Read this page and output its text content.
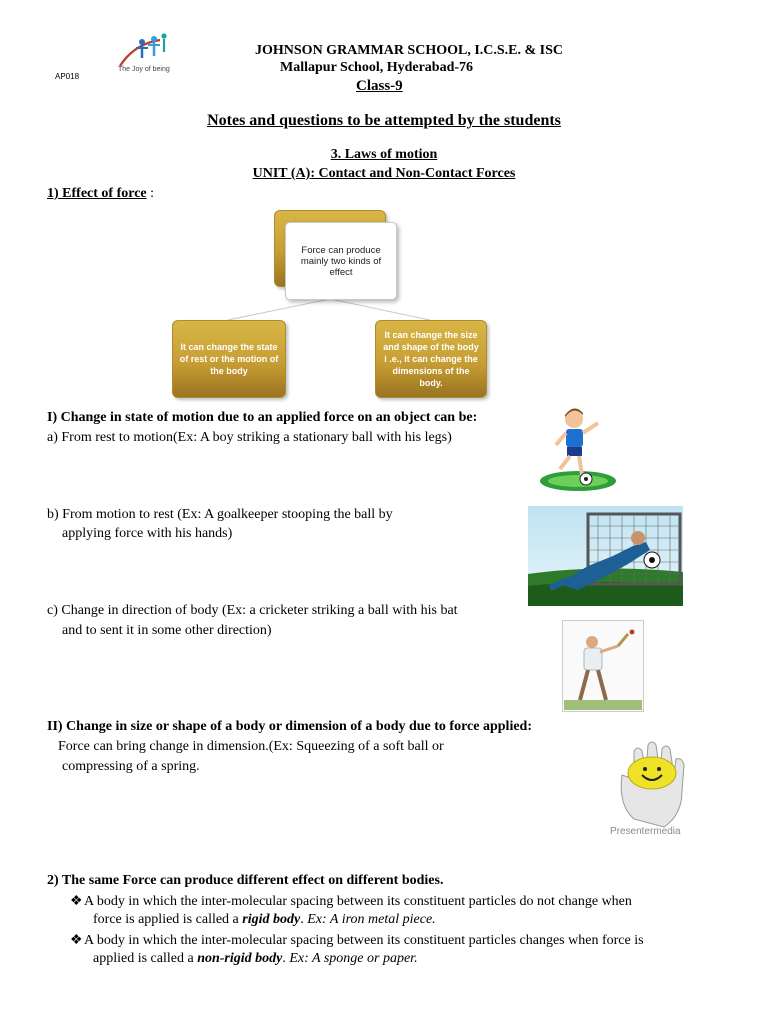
The Joy of being
AP018
JOHNSON GRAMMAR SCHOOL, I.C.S.E. & ISC
Mallapur School, Hyderabad-76
Class-9
Notes and questions to be attempted by the students
3. Laws of motion
UNIT (A): Contact and Non-Contact Forces
1) Effect of force :
Force can produce mainly two kinds of effect
It can change the state of rest or the motion of the body
It can change the size and shape of the body i .e., it can change the dimensions of the body.
I) Change in state of motion due to an applied force on an object can be:
a) From rest to motion(Ex: A boy striking a stationary ball with his legs)
b) From motion to rest (Ex: A goalkeeper stooping the ball by
applying force with his hands)
c) Change in direction of body (Ex: a cricketer striking a ball with his bat
and to sent it in some other direction)
II) Change in size or shape of a body or dimension of a body due to force applied:
Force can bring change in dimension.(Ex: Squeezing of a soft ball or
compressing of a spring.
Presentermedia
2) The same Force can produce different effect on different bodies.
❖A body in which the inter-molecular spacing between its constituent particles do not change when
force is applied is called a rigid body. Ex: A iron metal piece.
❖A body in which the inter-molecular spacing between its constituent particles changes when force is
applied is called a non-rigid body. Ex: A sponge or paper.
